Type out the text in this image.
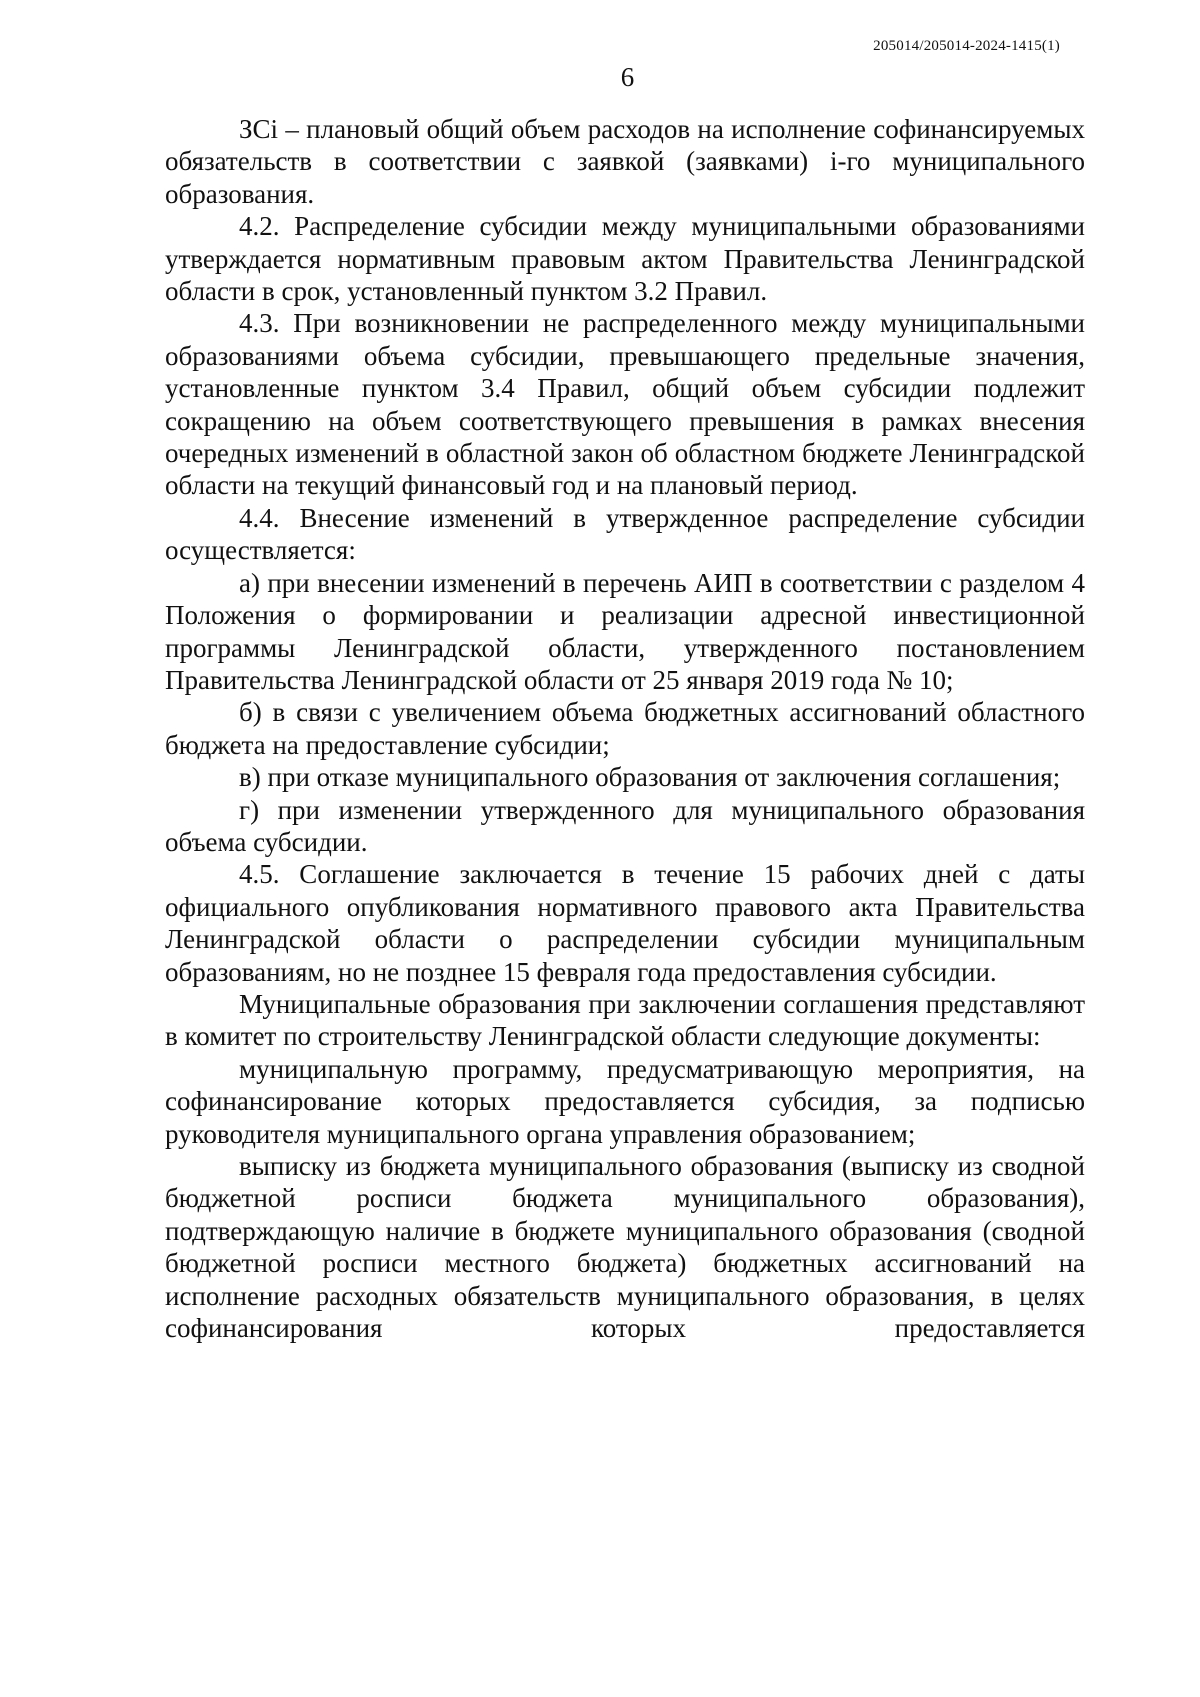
205014/205014-2024-1415(1)
6

ЗСі – плановый общий объем расходов на исполнение софинансируемых обязательств в соответствии с заявкой (заявками) і-го муниципального образования.

4.2. Распределение субсидии между муниципальными образованиями утверждается нормативным правовым актом Правительства Ленинградской области в срок, установленный пунктом 3.2 Правил.

4.3. При возникновении не распределенного между муниципальными образованиями объема субсидии, превышающего предельные значения, установленные пунктом 3.4 Правил, общий объем субсидии подлежит сокращению на объем соответствующего превышения в рамках внесения очередных изменений в областной закон об областном бюджете Ленинградской области на текущий финансовый год и на плановый период.

4.4. Внесение изменений в утвержденное распределение субсидии осуществляется:

а) при внесении изменений в перечень АИП в соответствии с разделом 4 Положения о формировании и реализации адресной инвестиционной программы Ленинградской области, утвержденного постановлением Правительства Ленинградской области от 25 января 2019 года № 10;

б) в связи с увеличением объема бюджетных ассигнований областного бюджета на предоставление субсидии;

в) при отказе муниципального образования от заключения соглашения;

г) при изменении утвержденного для муниципального образования объема субсидии.

4.5. Соглашение заключается в течение 15 рабочих дней с даты официального опубликования нормативного правового акта Правительства Ленинградской области о распределении субсидии муниципальным образованиям, но не позднее 15 февраля года предоставления субсидии.

Муниципальные образования при заключении соглашения представляют в комитет по строительству Ленинградской области следующие документы:

муниципальную программу, предусматривающую мероприятия, на софинансирование которых предоставляется субсидия, за подписью руководителя муниципального органа управления образованием;

выписку из бюджета муниципального образования (выписку из сводной бюджетной росписи бюджета муниципального образования), подтверждающую наличие в бюджете муниципального образования (сводной бюджетной росписи местного бюджета) бюджетных ассигнований на исполнение расходных обязательств муниципального образования, в целях софинансирования которых предоставляется
